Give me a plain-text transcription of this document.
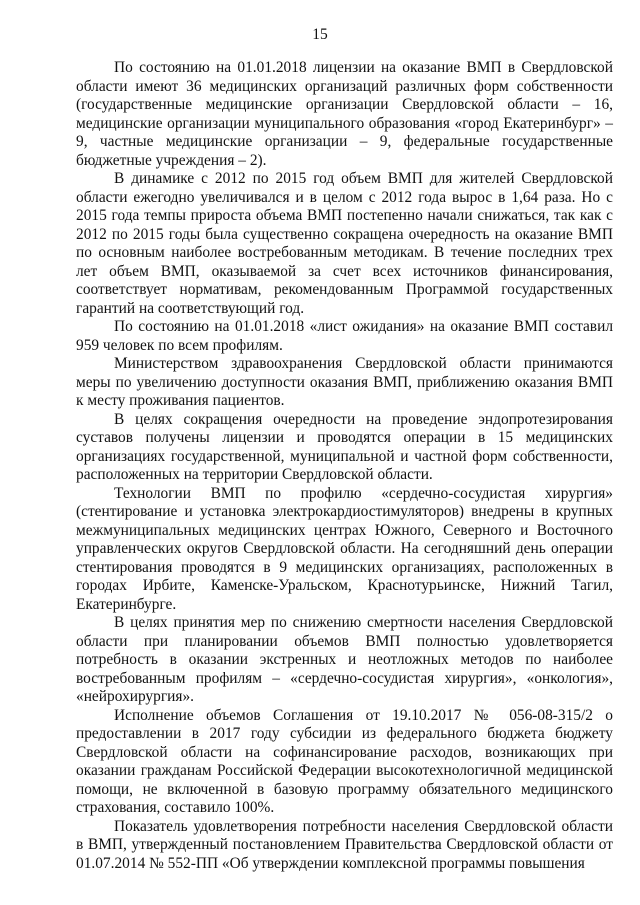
15

По состоянию на 01.01.2018 лицензии на оказание ВМП в Свердловской области имеют 36 медицинских организаций различных форм собственности (государственные медицинские организации Свердловской области – 16, медицинские организации муниципального образования «город Екатеринбург» – 9, частные медицинские организации – 9, федеральные государственные бюджетные учреждения – 2).

В динамике с 2012 по 2015 год объем ВМП для жителей Свердловской области ежегодно увеличивался и в целом с 2012 года вырос в 1,64 раза. Но с 2015 года темпы прироста объема ВМП постепенно начали снижаться, так как с 2012 по 2015 годы была существенно сокращена очередность на оказание ВМП по основным наиболее востребованным методикам. В течение последних трех лет объем ВМП, оказываемой за счет всех источников финансирования, соответствует нормативам, рекомендованным Программой государственных гарантий на соответствующий год.

По состоянию на 01.01.2018 «лист ожидания» на оказание ВМП составил 959 человек по всем профилям.

Министерством здравоохранения Свердловской области принимаются меры по увеличению доступности оказания ВМП, приближению оказания ВМП к месту проживания пациентов.

В целях сокращения очередности на проведение эндопротезирования суставов получены лицензии и проводятся операции в 15 медицинских организациях государственной, муниципальной и частной форм собственности, расположенных на территории Свердловской области.

Технологии ВМП по профилю «сердечно-сосудистая хирургия» (стентирование и установка электрокардиостимуляторов) внедрены в крупных межмуниципальных медицинских центрах Южного, Северного и Восточного управленческих округов Свердловской области. На сегодняшний день операции стентирования проводятся в 9 медицинских организациях, расположенных в городах Ирбите, Каменске-Уральском, Краснотурьинске, Нижний Тагил, Екатеринбурге.

В целях принятия мер по снижению смертности населения Свердловской области при планировании объемов ВМП полностью удовлетворяется потребность в оказании экстренных и неотложных методов по наиболее востребованным профилям – «сердечно-сосудистая хирургия», «онкология», «нейрохирургия».

Исполнение объемов Соглашения от 19.10.2017 № 056-08-315/2 о предоставлении в 2017 году субсидии из федерального бюджета бюджету Свердловской области на софинансирование расходов, возникающих при оказании гражданам Российской Федерации высокотехнологичной медицинской помощи, не включенной в базовую программу обязательного медицинского страхования, составило 100%.

Показатель удовлетворения потребности населения Свердловской области в ВМП, утвержденный постановлением Правительства Свердловской области от 01.07.2014 № 552-ПП «Об утверждении комплексной программы повышения
